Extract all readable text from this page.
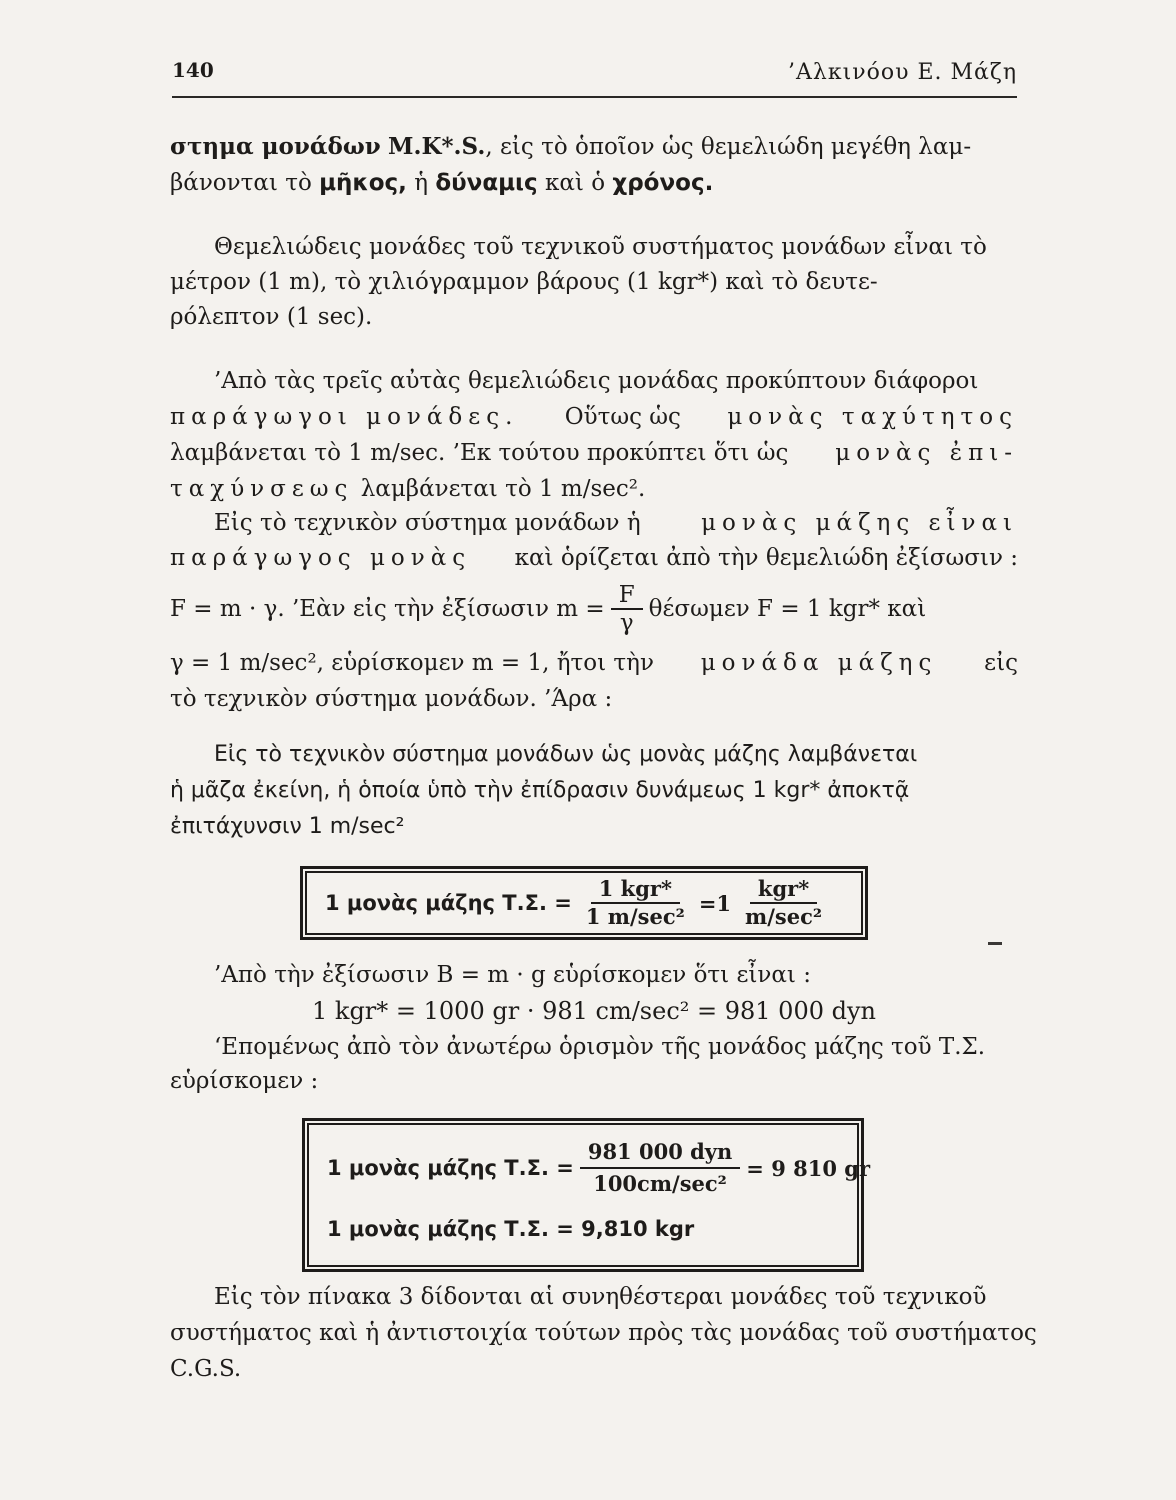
140	’Αλκινόου Ε. Μάζη
στημα μονάδων M.K*.S., εἰς τὸ ὁποῖον ὡς θεμελιώδη μεγέθη λαμ-
βάνονται τὸ μῆκος, ἡ δύναμις καὶ ὁ χρόνος.
Θεμελιώδεις μονάδες τοῦ τεχνικοῦ συστήματος μονάδων εἶναι τὸ
μέτρον (1 m), τὸ χιλιόγραμμον βάρους (1 kgr*) καὶ τὸ δευτε-
ρόλεπτον (1 sec).
’Απὸ τὰς τρεῖς αὐτὰς θεμελιώδεις μονάδας προκύπτουν διάφοροι
παράγωγοι μονάδες. Οὕτως ὡς μονὰς ταχύτητος
λαμβάνεται τὸ 1 m/sec. ’Εκ τούτου προκύπτει ὅτι ὡς μονὰς ἐπι-
ταχύνσεως λαμβάνεται τὸ 1 m/sec².
Εἰς τὸ τεχνικὸν σύστημα μονάδων ἡ	μονὰς μάζης εἶναι
παράγωγος μονὰς καὶ ὁρίζεται ἀπὸ τὴν θεμελιώδη ἐξίσωσιν :
F = m · γ. ’Εὰν εἰς τὴν ἐξίσωσιν $m = \frac{F}{\gamma}$ θέσωμεν F = 1 kgr* καὶ
γ = 1 m/sec², εὑρίσκομεν m = 1, ἤτοι τὴν μονάδα μάζης εἰς
τὸ τεχνικὸν σύστημα μονάδων. ’Άρα :
Εἰς τὸ τεχνικὸν σύστημα μονάδων ὡς μονὰς μάζης λαμβάνεται
ἡ μᾶζα ἐκείνη, ἡ ὁποία ὑπὸ τὴν ἐπίδρασιν δυνάμεως 1 kgr* ἀποκτᾷ
ἐπιτάχυνσιν 1 m/sec²
1 μονὰς μάζης Τ.Σ. = $\frac{\text{1 kgr*}}{\text{1 m/sec²}} =1 \frac{\text{kgr*}}{\text{m/sec²}}$
’Απὸ τὴν ἐξίσωσιν B = m · g εὑρίσκομεν ὅτι εἶναι :
1 kgr* = 1000 gr · 981 cm/sec² = 981 000 dyn
‘Επομένως ἀπὸ τὸν ἀνωτέρω ὁρισμὸν τῆς μονάδος μάζης τοῦ Τ.Σ.
εὑρίσκομεν :
1 μονὰς μάζης Τ.Σ. = $\frac{\text{981 000 dyn}}{\text{100cm/sec²}} = 9$ 810 gr
1 μονὰς μάζης Τ.Σ. = 9,810 kgr
Εἰς τὸν πίνακα 3 δίδονται αἱ συνηθέστεραι μονάδες τοῦ τεχνικοῦ
συστήματος καὶ ἡ ἀντιστοιχία τούτων πρὸς τὰς μονάδας τοῦ συστήματος
C.G.S.
